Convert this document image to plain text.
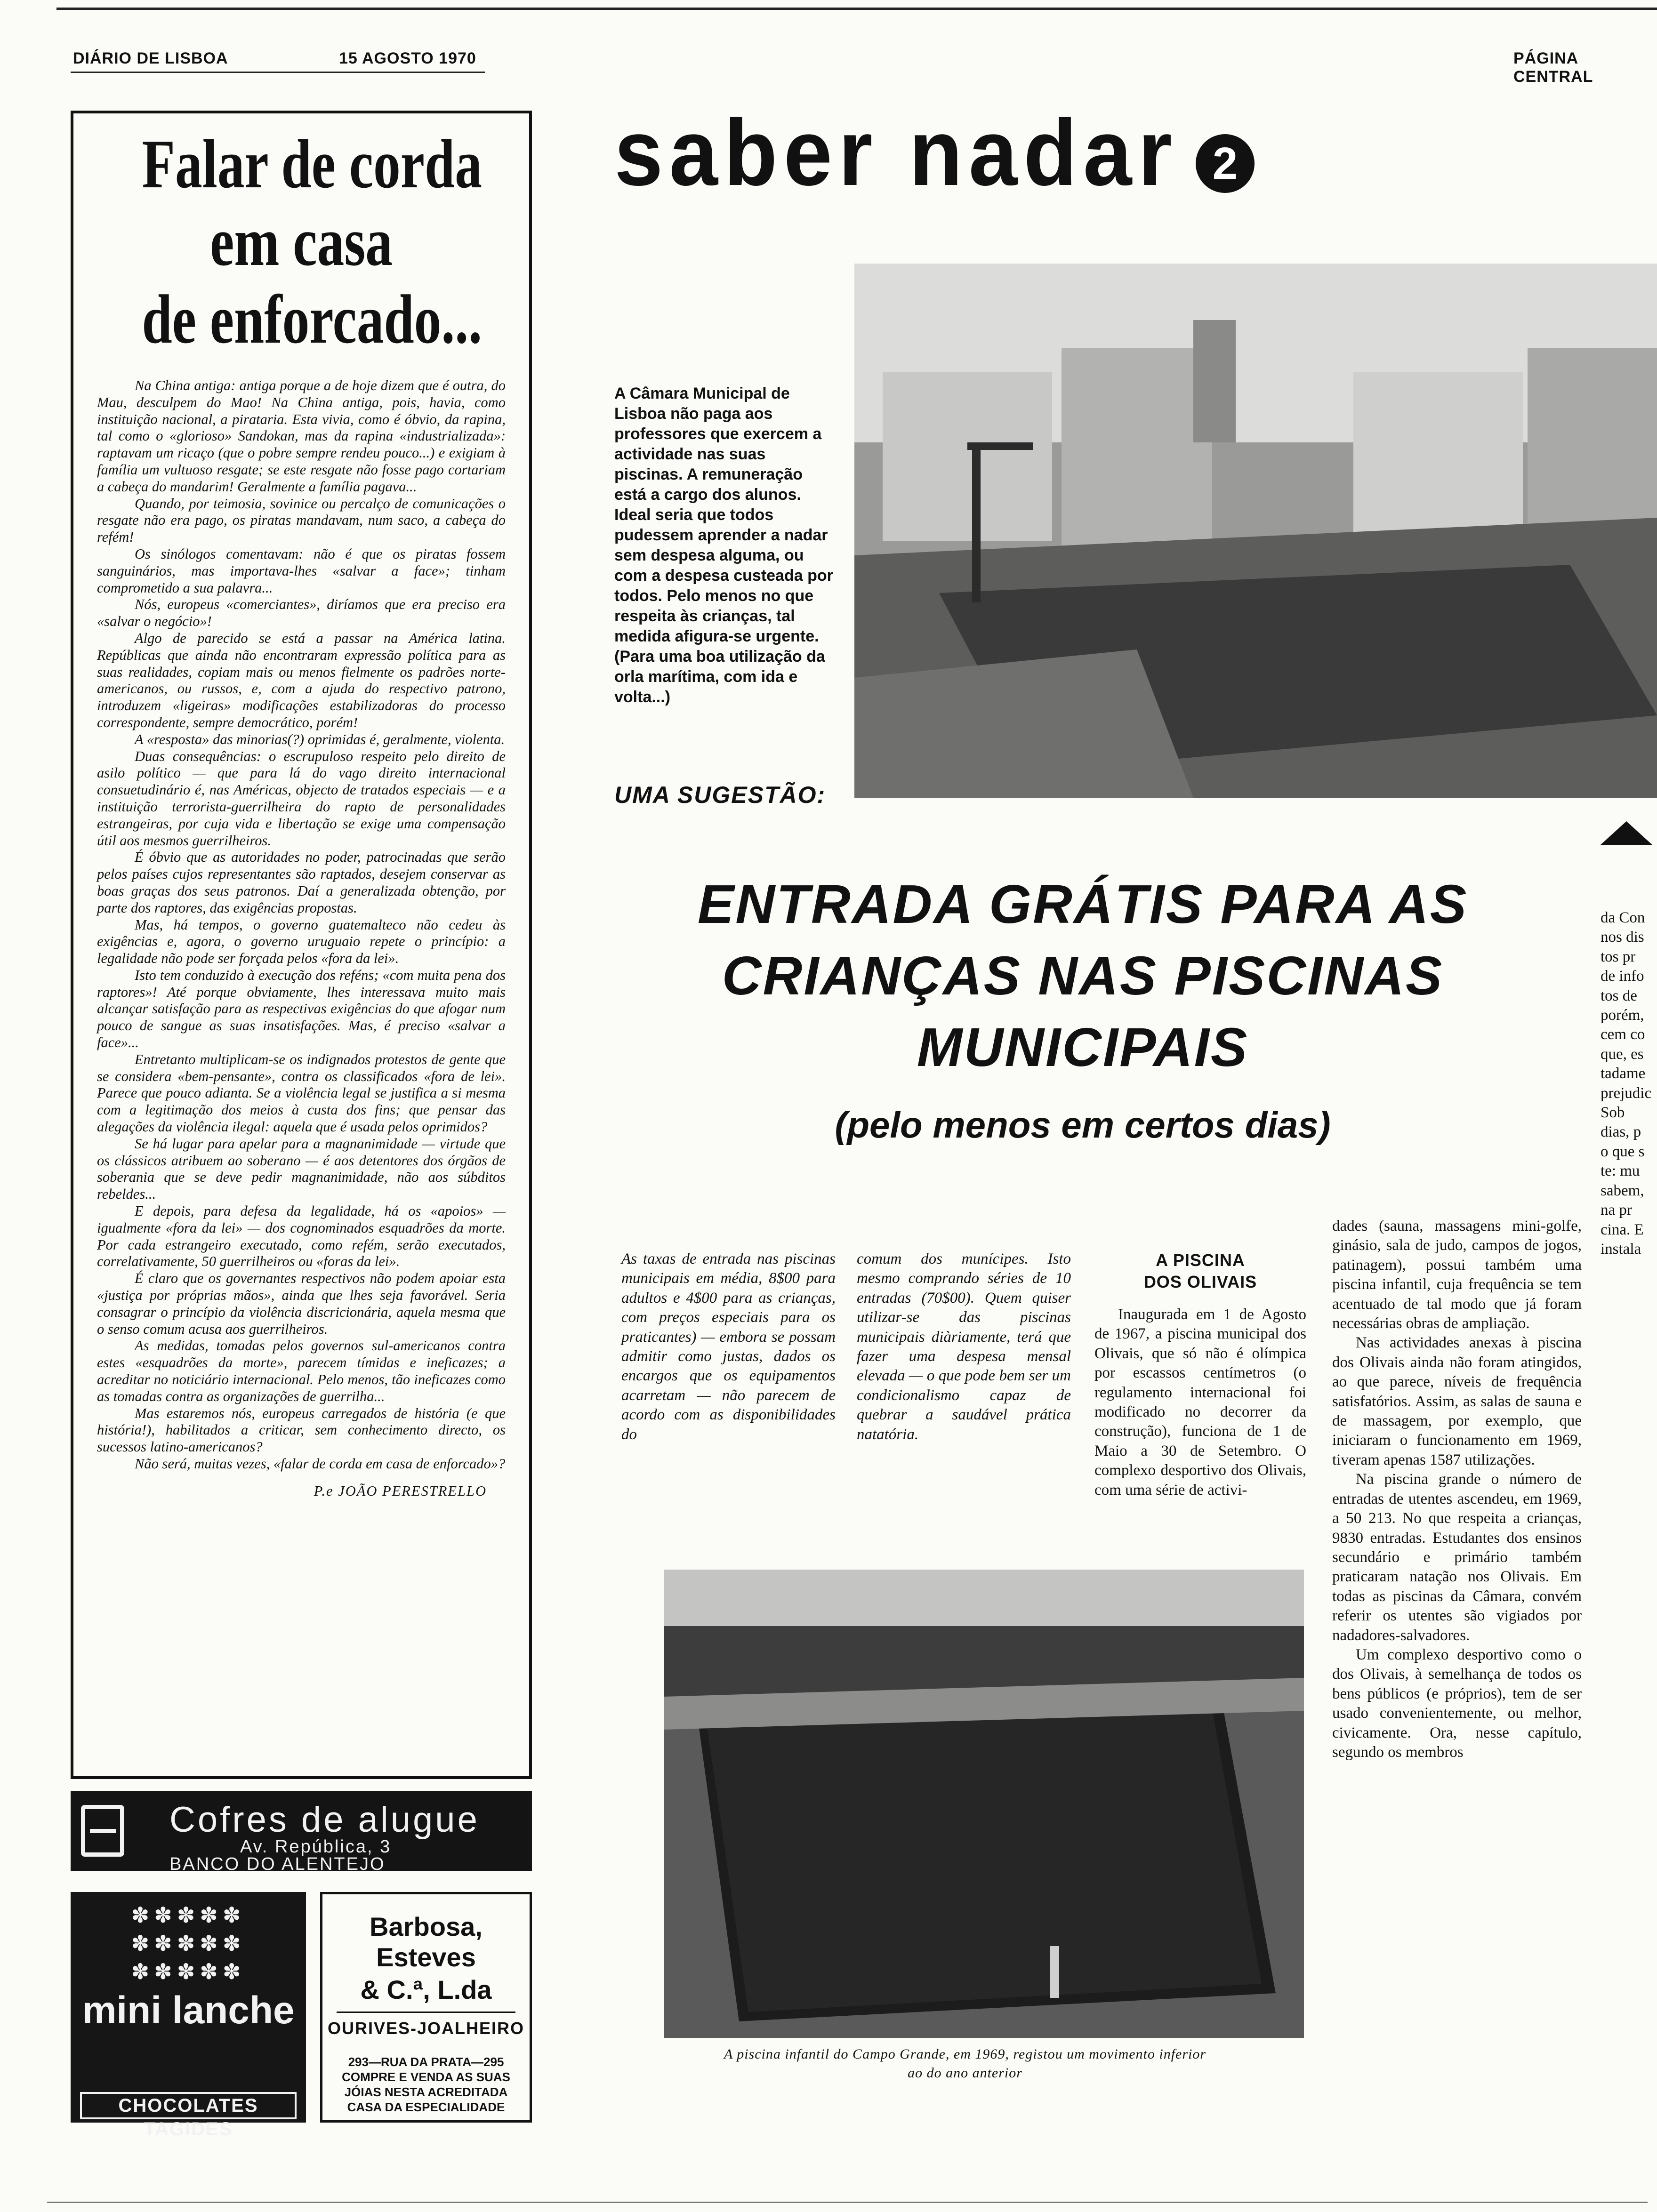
DIÁRIO DE LISBOA	15 AGOSTO 1970	PÁGINA CENTRAL
Falar de corda
em casa
de enforcado...

Na China antiga: antiga porque a de hoje dizem que é outra, do Mau, desculpem do Mao! Na China antiga, pois, havia, como instituição nacional, a pirataria. Esta vivia, como é óbvio, da rapina, tal como o «glorioso» Sandokan, mas da rapina «industrializada»: raptavam um ricaço (que o pobre sempre rendeu pouco...) e exigiam à família um vultuoso resgate; se este resgate não fosse pago cortariam a cabeça do mandarim! Geralmente a família pagava...

Quando, por teimosia, sovinice ou percalço de comunicações o resgate não era pago, os piratas mandavam, num saco, a cabeça do refém!

Os sinólogos comentavam: não é que os piratas fossem sanguinários, mas importava-lhes «salvar a face»; tinham comprometido a sua palavra...

Nós, europeus «comerciantes», diríamos que era preciso era «salvar o negócio»!

Algo de parecido se está a passar na América latina. Repúblicas que ainda não encontraram expressão política para as suas realidades, copiam mais ou menos fielmente os padrões norte-americanos, ou russos, e, com a ajuda do respectivo patrono, introduzem «ligeiras» modificações estabilizadoras do processo correspondente, sempre democrático, porém!

A «resposta» das minorias(?) oprimidas é, geralmente, violenta.

Duas consequências: o escrupuloso respeito pelo direito de asilo político — que para lá do vago direito internacional consuetudinário é, nas Américas, objecto de tratados especiais — e a instituição terrorista-guerrilheira do rapto de personalidades estrangeiras, por cuja vida e libertação se exige uma compensação útil aos mesmos guerrilheiros.

É óbvio que as autoridades no poder, patrocinadas que serão pelos países cujos representantes são raptados, desejem conservar as boas graças dos seus patronos. Daí a generalizada obtenção, por parte dos raptores, das exigências propostas.

Mas, há tempos, o governo guatemalteco não cedeu às exigências e, agora, o governo uruguaio repete o princípio: a legalidade não pode ser forçada pelos «fora da lei».

Isto tem conduzido à execução dos reféns; «com muita pena dos raptores»! Até porque obviamente, lhes interessava muito mais alcançar satisfação para as respectivas exigências do que afogar num pouco de sangue as suas insatisfações. Mas, é preciso «salvar a face»...

Entretanto multiplicam-se os indignados protestos de gente que se considera «bem-pensante», contra os classificados «fora de lei». Parece que pouco adianta. Se a violência legal se justifica a si mesma com a legitimação dos meios à custa dos fins; que pensar das alegações da violência ilegal: aquela que é usada pelos oprimidos?

Se há lugar para apelar para a magnanimidade — virtude que os clássicos atribuem ao soberano — é aos detentores dos órgãos de soberania que se deve pedir magnanimidade, não aos súbditos rebeldes...

E depois, para defesa da legalidade, há os «apoios» — igualmente «fora da lei» — dos cognominados esquadrões da morte. Por cada estrangeiro executado, como refém, serão executados, correlativamente, 50 guerrilheiros ou «foras da lei».

É claro que os governantes respectivos não podem apoiar esta «justiça por próprias mãos», ainda que lhes seja favorável. Seria consagrar o princípio da violência discricionária, aquela mesma que o senso comum acusa aos guerrilheiros.

As medidas, tomadas pelos governos sul-americanos contra estes «esquadrões da morte», parecem tímidas e ineficazes; a acreditar no noticiário internacional. Pelo menos, tão ineficazes como as tomadas contra as organizações de guerrilha...

Mas estaremos nós, europeus carregados de história (e que história!), habilitados a criticar, sem conhecimento directo, os sucessos latino-americanos?

Não será, muitas vezes, «falar de corda em casa de enforcado»?

P.e JOÃO PERESTRELLO
Cofres de alugue
Av. República, 3
BANCO DO ALENTEJO
✽✽✽✽✽ ✽✽✽✽✽ ✽✽✽✽✽
mini lanche
CHOCOLATES TAGIDES
Barbosa, Esteves
& C.ª, L.da
OURIVES-JOALHEIRO
293—RUA DA PRATA—295
COMPRE E VENDA AS SUAS
JÓIAS NESTA ACREDITADA
CASA DA ESPECIALIDADE
saber nadar 2
A Câmara Municipal de Lisboa não paga aos professores que exercem a actividade nas suas piscinas. A remuneração está a cargo dos alunos. Ideal seria que todos pudessem aprender a nadar sem despesa alguma, ou com a despesa custeada por todos. Pelo menos no que respeita às crianças, tal medida afigura-se urgente. (Para uma boa utilização da orla marítima, com ida e volta...)
UMA SUGESTÃO:
ENTRADA GRÁTIS PARA AS
CRIANÇAS NAS PISCINAS
MUNICIPAIS
(pelo menos em certos dias)

As taxas de entrada nas piscinas municipais em média, 8$00 para adultos e 4$00 para as crianças, com preços especiais para os praticantes) — embora se possam admitir como justas, dados os encargos que os equipamentos acarretam — não parecem de acordo com as disponibilidades do

comum dos munícipes. Isto mesmo comprando séries de 10 entradas (70$00). Quem quiser utilizar-se das piscinas municipais diàriamente, terá que fazer uma despesa mensal elevada — o que pode bem ser um condicionalismo capaz de quebrar a saudável prática natatória.

A PISCINA
DOS OLIVAIS

Inaugurada em 1 de Agosto de 1967, a piscina municipal dos Olivais, que só não é olímpica por escassos centímetros (o regulamento internacional foi modificado no decorrer da construção), funciona de 1 de Maio a 30 de Setembro. O complexo desportivo dos Olivais, com uma série de activi-

dades (sauna, massagens mini-golfe, ginásio, sala de judo, campos de jogos, patinagem), possui também uma piscina infantil, cuja frequência se tem acentuado de tal modo que já foram necessárias obras de ampliação.

Nas actividades anexas à piscina dos Olivais ainda não foram atingidos, ao que parece, níveis de frequência satisfatórios. Assim, as salas de sauna e de massagem, por exemplo, que iniciaram o funcionamento em 1969, tiveram apenas 1587 utilizações.

Na piscina grande o número de entradas de utentes ascendeu, em 1969, a 50 213. No que respeita a crianças, 9830 entradas. Estudantes dos ensinos secundário e primário também praticaram natação nos Olivais. Em todas as piscinas da Câmara, convém referir os utentes são vigiados por nadadores-salvadores.

Um complexo desportivo como o dos Olivais, à semelhança de todos os bens públicos (e próprios), tem de ser usado convenientemente, ou melhor, civicamente. Ora, nesse capítulo, segundo os membros

da Con
nos dis
tos pr
de info
tos de
porém,
cem co
que, es
tadame
prejudic
Sob
dias, p
o que s
te: mu
sabem,
na pr
cina. E
instala
A piscina infantil do Campo Grande, em 1969, registou um movimento inferior
ao do ano anterior
